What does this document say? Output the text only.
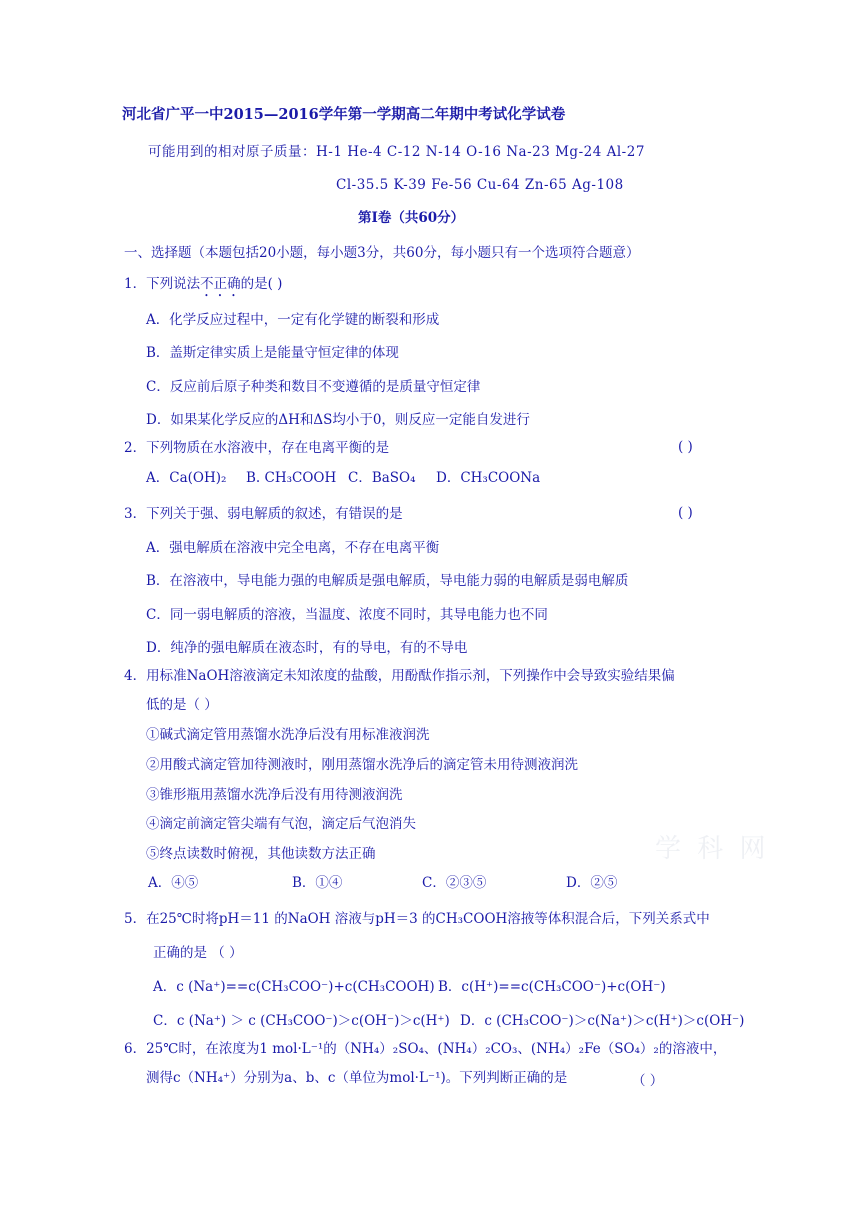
河北省广平一中2015—2016学年第一学期高二年期中考试化学试卷
可能用到的相对原子质量：H-1 He-4 C-12 N-14 O-16 Na-23 Mg-24 Al-27
Cl-35.5 K-39 Fe-56 Cu-64 Zn-65 Ag-108
第Ⅰ卷（共60分）
一、选择题（本题包括20小题，每小题3分，共60分，每小题只有一个选项符合题意）
1．下列说法不正确的是( )
A．化学反应过程中，一定有化学键的断裂和形成
B．盖斯定律实质上是能量守恒定律的体现
C．反应前后原子种类和数目不变遵循的是质量守恒定律
D．如果某化学反应的ΔH和ΔS均小于0，则反应一定能自发进行
2．下列物质在水溶液中，存在电离平衡的是	( )
A．Ca(OH)₂ B. CH₃COOH C．BaSO₄ D．CH₃COONa
3．下列关于强、弱电解质的叙述，有错误的是	( )
A．强电解质在溶液中完全电离，不存在电离平衡
B．在溶液中，导电能力强的电解质是强电解质，导电能力弱的电解质是弱电解质
C．同一弱电解质的溶液，当温度、浓度不同时，其导电能力也不同
D．纯净的强电解质在液态时，有的导电，有的不导电
4．用标准NaOH溶液滴定未知浓度的盐酸，用酚酞作指示剂，下列操作中会导致实验结果偏
低的是（ ）
①碱式滴定管用蒸馏水洗净后没有用标准液润洗
②用酸式滴定管加待测液时，刚用蒸馏水洗净后的滴定管未用待测液润洗
③锥形瓶用蒸馏水洗净后没有用待测液润洗
④滴定前滴定管尖端有气泡，滴定后气泡消失
⑤终点读数时俯视，其他读数方法正确
A．④⑤	B．①④	C．②③⑤	D．②⑤
5．在25℃时将pH＝11 的NaOH 溶液与pH＝3 的CH₃COOH溶掖等体积混合后，下列关系式中
正确的是 （ ）
A．c (Na⁺)==c(CH₃COO⁻)+c(CH₃COOH) B．c(H⁺)==c(CH₃COO⁻)+c(OH⁻)
C．c (Na⁺) ＞ c (CH₃COO⁻)＞c(OH⁻)＞c(H⁺) D．c (CH₃COO⁻)＞c(Na⁺)＞c(H⁺)＞c(OH⁻)
6．25℃时，在浓度为1 mol·L⁻¹的（NH₄）₂SO₄、(NH₄）₂CO₃、(NH₄）₂Fe（SO₄）₂的溶液中，
测得c（NH₄⁺）分别为a、b、c（单位为mol·L⁻¹)。下列判断正确的是	（ ）
学 科 网
